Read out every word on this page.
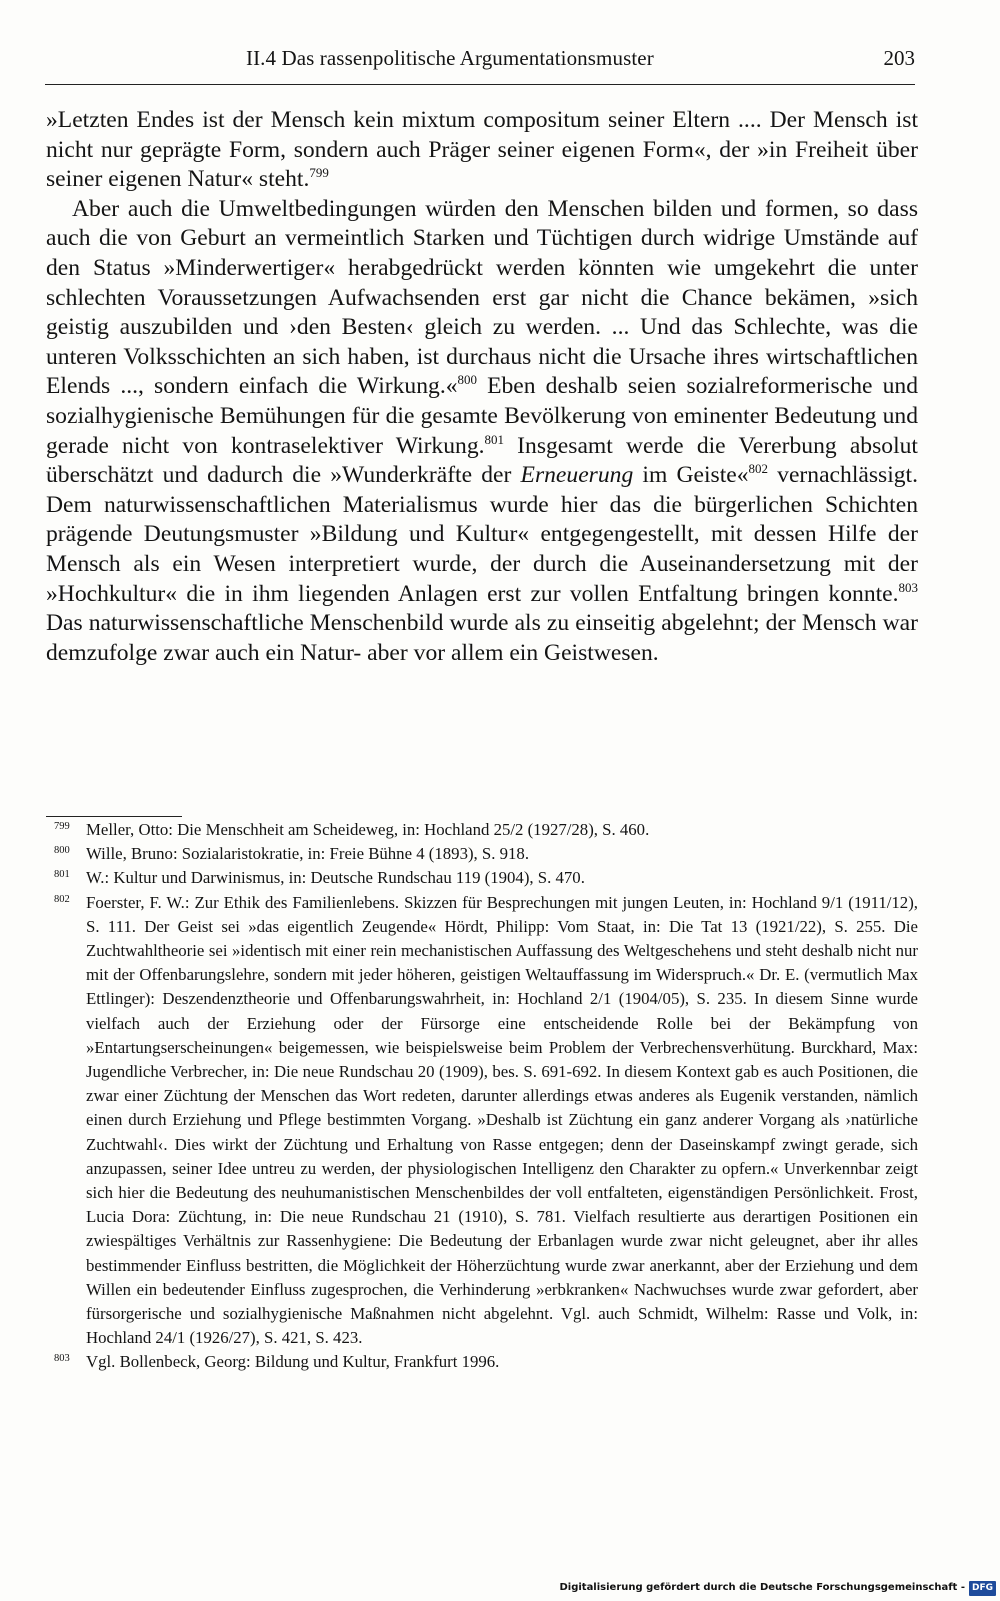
II.4 Das rassenpolitische Argumentationsmuster	203

»Letzten Endes ist der Mensch kein mixtum compositum seiner Eltern .... Der Mensch ist nicht nur geprägte Form, sondern auch Präger seiner eigenen Form«, der »in Freiheit über seiner eigenen Natur« steht.$^{799}$

Aber auch die Umweltbedingungen würden den Menschen bilden und formen, so dass auch die von Geburt an vermeintlich Starken und Tüchtigen durch widrige Umstände auf den Status »Minderwertiger« herabgedrückt werden könnten wie umgekehrt die unter schlechten Voraussetzungen Aufwachsenden erst gar nicht die Chance bekämen, »sich geistig auszubilden und ›den Besten‹ gleich zu werden. ... Und das Schlechte, was die unteren Volksschichten an sich haben, ist durchaus nicht die Ursache ihres wirtschaftlichen Elends ..., sondern einfach die Wirkung.«$^{800}$ Eben deshalb seien sozialreformerische und sozialhygienische Bemühungen für die gesamte Bevölkerung von eminenter Bedeutung und gerade nicht von kontraselektiver Wirkung.$^{801}$ Insgesamt werde die Vererbung absolut überschätzt und dadurch die »Wunderkräfte der Erneuerung im Geiste«$^{802}$ vernachlässigt. Dem naturwissenschaftlichen Materialismus wurde hier das die bürgerlichen Schichten prägende Deutungsmuster »Bildung und Kultur« entgegengestellt, mit dessen Hilfe der Mensch als ein Wesen interpretiert wurde, der durch die Auseinandersetzung mit der »Hochkultur« die in ihm liegenden Anlagen erst zur vollen Entfaltung bringen konnte.$^{803}$ Das naturwissenschaftliche Menschenbild wurde als zu einseitig abgelehnt; der Mensch war demzufolge zwar auch ein Natur- aber vor allem ein Geistwesen.

799 Meller, Otto: Die Menschheit am Scheideweg, in: Hochland 25/2 (1927/28), S. 460.
800 Wille, Bruno: Sozialaristokratie, in: Freie Bühne 4 (1893), S. 918.
801 W.: Kultur und Darwinismus, in: Deutsche Rundschau 119 (1904), S. 470.
802 Foerster, F. W.: Zur Ethik des Familienlebens. Skizzen für Besprechungen mit jungen Leuten, in: Hochland 9/1 (1911/12), S. 111. Der Geist sei »das eigentlich Zeugende« Hördt, Philipp: Vom Staat, in: Die Tat 13 (1921/22), S. 255. Die Zuchtwahltheorie sei »identisch mit einer rein mechanistischen Auffassung des Weltgeschehens und steht deshalb nicht nur mit der Offenbarungslehre, sondern mit jeder höheren, geistigen Weltauffassung im Widerspruch.« Dr. E. (vermutlich Max Ettlinger): Deszendenztheorie und Offenbarungswahrheit, in: Hochland 2/1 (1904/05), S. 235. In diesem Sinne wurde vielfach auch der Erziehung oder der Fürsorge eine entscheidende Rolle bei der Bekämpfung von »Entartungserscheinungen« beigemessen, wie beispielsweise beim Problem der Verbrechensverhütung. Burckhard, Max: Jugendliche Verbrecher, in: Die neue Rundschau 20 (1909), bes. S. 691-692. In diesem Kontext gab es auch Positionen, die zwar einer Züchtung der Menschen das Wort redeten, darunter allerdings etwas anderes als Eugenik verstanden, nämlich einen durch Erziehung und Pflege bestimmten Vorgang. »Deshalb ist Züchtung ein ganz anderer Vorgang als ›natürliche Zuchtwahl‹. Dies wirkt der Züchtung und Erhaltung von Rasse entgegen; denn der Daseinskampf zwingt gerade, sich anzupassen, seiner Idee untreu zu werden, der physiologischen Intelligenz den Charakter zu opfern.« Unverkennbar zeigt sich hier die Bedeutung des neuhumanistischen Menschenbildes der voll entfalteten, eigenständigen Persönlichkeit. Frost, Lucia Dora: Züchtung, in: Die neue Rundschau 21 (1910), S. 781. Vielfach resultierte aus derartigen Positionen ein zwiespältiges Verhältnis zur Rassenhygiene: Die Bedeutung der Erbanlagen wurde zwar nicht geleugnet, aber ihr alles bestimmender Einfluss bestritten, die Möglichkeit der Höherzüchtung wurde zwar anerkannt, aber der Erziehung und dem Willen ein bedeutender Einfluss zugesprochen, die Verhinderung »erbkranken« Nachwuchses wurde zwar gefordert, aber fürsorgerische und sozialhygienische Maßnahmen nicht abgelehnt. Vgl. auch Schmidt, Wilhelm: Rasse und Volk, in: Hochland 24/1 (1926/27), S. 421, S. 423.
803 Vgl. Bollenbeck, Georg: Bildung und Kultur, Frankfurt 1996.
Digitalisierung gefördert durch die Deutsche Forschungsgemeinschaft - DFG
